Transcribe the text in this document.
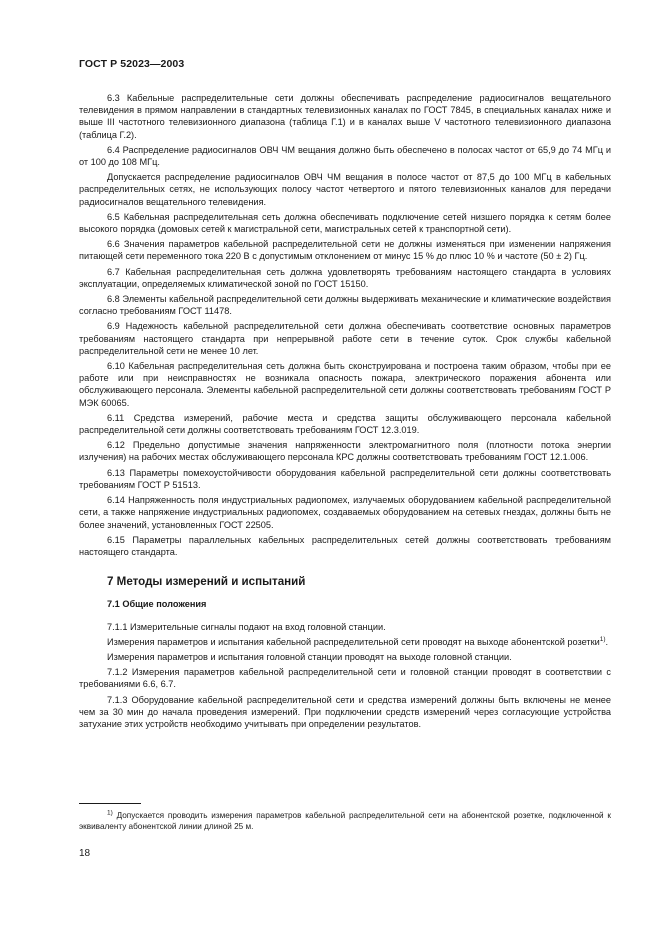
ГОСТ Р 52023—2003

6.3 Кабельные распределительные сети должны обеспечивать распределение радиосигналов вещательного телевидения в прямом направлении в стандартных телевизионных каналах по ГОСТ 7845, в специальных каналах ниже и выше III частотного телевизионного диапазона (таблица Г.1) и в каналах выше V частотного телевизионного диапазона (таблица Г.2).

6.4 Распределение радиосигналов ОВЧ ЧМ вещания должно быть обеспечено в полосах частот от 65,9 до 74 МГц и от 100 до 108 МГц.

Допускается распределение радиосигналов ОВЧ ЧМ вещания в полосе частот от 87,5 до 100 МГц в кабельных распределительных сетях, не использующих полосу частот четвертого и пятого телевизионных каналов для передачи радиосигналов вещательного телевидения.

6.5 Кабельная распределительная сеть должна обеспечивать подключение сетей низшего порядка к сетям более высокого порядка (домовых сетей к магистральной сети, магистральных сетей к транспортной сети).

6.6 Значения параметров кабельной распределительной сети не должны изменяться при изменении напряжения питающей сети переменного тока 220 В с допустимым отклонением от минус 15 % до плюс 10 % и частоте (50 ± 2) Гц.

6.7 Кабельная распределительная сеть должна удовлетворять требованиям настоящего стандарта в условиях эксплуатации, определяемых климатической зоной по ГОСТ 15150.

6.8 Элементы кабельной распределительной сети должны выдерживать механические и климатические воздействия согласно требованиям ГОСТ 11478.

6.9 Надежность кабельной распределительной сети должна обеспечивать соответствие основных параметров требованиям настоящего стандарта при непрерывной работе сети в течение суток. Срок службы кабельной распределительной сети не менее 10 лет.

6.10 Кабельная распределительная сеть должна быть сконструирована и построена таким образом, чтобы при ее работе или при неисправностях не возникала опасность пожара, электрического поражения абонента или обслуживающего персонала. Элементы кабельной распределительной сети должны соответствовать требованиям ГОСТ Р МЭК 60065.

6.11 Средства измерений, рабочие места и средства защиты обслуживающего персонала кабельной распределительной сети должны соответствовать требованиям ГОСТ 12.3.019.

6.12 Предельно допустимые значения напряженности электромагнитного поля (плотности потока энергии излучения) на рабочих местах обслуживающего персонала КРС должны соответствовать требованиям ГОСТ 12.1.006.

6.13 Параметры помехоустойчивости оборудования кабельной распределительной сети должны соответствовать требованиям ГОСТ Р 51513.

6.14 Напряженность поля индустриальных радиопомех, излучаемых оборудованием кабельной распределительной сети, а также напряжение индустриальных радиопомех, создаваемых оборудованием на сетевых гнездах, должны быть не более значений, установленных ГОСТ 22505.

6.15 Параметры параллельных кабельных распределительных сетей должны соответствовать требованиям настоящего стандарта.

7 Методы измерений и испытаний
7.1 Общие положения

7.1.1 Измерительные сигналы подают на вход головной станции.

Измерения параметров и испытания кабельной распределительной сети проводят на выходе абонентской розетки$^{1)}$.

Измерения параметров и испытания головной станции проводят на выходе головной станции.

7.1.2 Измерения параметров кабельной распределительной сети и головной станции проводят в соответствии с требованиями 6.6, 6.7.

7.1.3 Оборудование кабельной распределительной сети и средства измерений должны быть включены не менее чем за 30 мин до начала проведения измерений. При подключении средств измерений через согласующие устройства затухание этих устройств необходимо учитывать при определении результатов.

$^{1)}$ Допускается проводить измерения параметров кабельной распределительной сети на абонентской розетке, подключенной к эквиваленту абонентской линии длиной 25 м.
18
